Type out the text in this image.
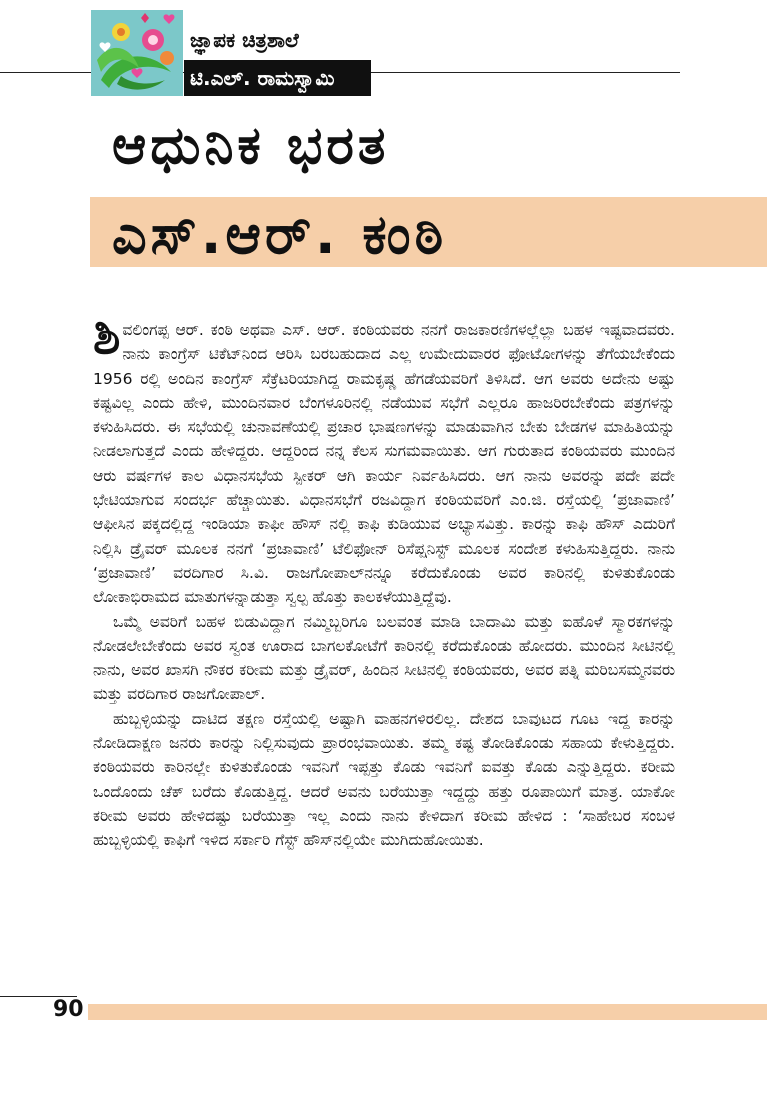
ಜ್ಞಾಪಕ ಚಿತ್ರಶಾಲೆ
ಟಿ.ಎಲ್. ರಾಮಸ್ವಾಮಿ
ಆಧುನಿಕ ಭರತ
ಎಸ್.ಆರ್. ಕಂಠಿ

ಶಿವಲಿಂಗಪ್ಪ ಆರ್. ಕಂಠಿ ಅಥವಾ ಎಸ್. ಆರ್. ಕಂಠಿಯವರು ನನಗೆ ರಾಜಕಾರಣಿಗಳಲ್ಲೆಲ್ಲಾ ಬಹಳ ಇಷ್ಟವಾದವರು. ನಾನು ಕಾಂಗ್ರೆಸ್ ಟಿಕೆಟ್‌ನಿಂದ ಆರಿಸಿ ಬರಬಹುದಾದ ಎಲ್ಲ ಉಮೇದುವಾರರ ಫೋಟೋಗಳನ್ನು ತೆಗೆಯಬೇಕೆಂದು 1956 ರಲ್ಲಿ ಅಂದಿನ ಕಾಂಗ್ರೆಸ್ ಸೆಕ್ರೆಟರಿಯಾಗಿದ್ದ ರಾಮಕೃಷ್ಣ ಹೆಗಡೆಯವರಿಗೆ ತಿಳಿಸಿದೆ. ಆಗ ಅವರು ಅದೇನು ಅಷ್ಟು ಕಷ್ಟವಿಲ್ಲ ಎಂದು ಹೇಳಿ, ಮುಂದಿನವಾರ ಬೆಂಗಳೂರಿನಲ್ಲಿ ನಡೆಯುವ ಸಭೆಗೆ ಎಲ್ಲರೂ ಹಾಜರಿರಬೇಕೆಂದು ಪತ್ರಗಳನ್ನು ಕಳುಹಿಸಿದರು. ಈ ಸಭೆಯಲ್ಲಿ ಚುನಾವಣೆಯಲ್ಲಿ ಪ್ರಚಾರ ಭಾಷಣಗಳನ್ನು ಮಾಡುವಾಗಿನ ಬೇಕು ಬೇಡಗಳ ಮಾಹಿತಿಯನ್ನು ನೀಡಲಾಗುತ್ತದೆ ಎಂದು ಹೇಳಿದ್ದರು. ಆದ್ದರಿಂದ ನನ್ನ ಕೆಲಸ ಸುಗಮವಾಯಿತು. ಆಗ ಗುರುತಾದ ಕಂಠಿಯವರು ಮುಂದಿನ ಆರು ವರ್ಷಗಳ ಕಾಲ ವಿಧಾನಸಭೆಯ ಸ್ಪೀಕರ್ ಆಗಿ ಕಾರ್ಯ ನಿರ್ವಹಿಸಿದರು. ಆಗ ನಾನು ಅವರನ್ನು ಪದೇ ಪದೇ ಭೇಟಿಯಾಗುವ ಸಂದರ್ಭ ಹೆಚ್ಚಾಯಿತು. ವಿಧಾನಸಭೆಗೆ ರಜವಿದ್ದಾಗ ಕಂಠಿಯವರಿಗೆ ಎಂ.ಜಿ. ರಸ್ತೆಯಲ್ಲಿ ‘ಪ್ರಜಾವಾಣಿ’ ಆಫೀಸಿನ ಪಕ್ಕದಲ್ಲಿದ್ದ ಇಂಡಿಯಾ ಕಾಫೀ ಹೌಸ್ ನಲ್ಲಿ ಕಾಫಿ ಕುಡಿಯುವ ಅಭ್ಯಾಸವಿತ್ತು. ಕಾರನ್ನು ಕಾಫಿ ಹೌಸ್ ಎದುರಿಗೆ ನಿಲ್ಲಿಸಿ ಡ್ರೈವರ್ ಮೂಲಕ ನನಗೆ ‘ಪ್ರಜಾವಾಣಿ’ ಟೆಲಿಫೋನ್ ರಿಸೆಪ್ಷನಿಸ್ಟ್ ಮೂಲಕ ಸಂದೇಶ ಕಳುಹಿಸುತ್ತಿದ್ದರು. ನಾನು ‘ಪ್ರಜಾವಾಣಿ’ ವರದಿಗಾರ ಸಿ.ವಿ. ರಾಜಗೋಪಾಲ್‌ನನ್ನೂ ಕರೆದುಕೊಂಡು ಅವರ ಕಾರಿನಲ್ಲಿ ಕುಳಿತುಕೊಂಡು ಲೋಕಾಭಿರಾಮದ ಮಾತುಗಳನ್ನಾಡುತ್ತಾ ಸ್ವಲ್ಪ ಹೊತ್ತು ಕಾಲಕಳೆಯುತ್ತಿದ್ದೆವು.

ಒಮ್ಮೆ ಅವರಿಗೆ ಬಹಳ ಬಿಡುವಿದ್ದಾಗ ನಮ್ಮಿಬ್ಬರಿಗೂ ಬಲವಂತ ಮಾಡಿ ಬಾದಾಮಿ ಮತ್ತು ಐಹೊಳೆ ಸ್ಮಾರಕಗಳನ್ನು ನೋಡಲೇಬೇಕೆಂದು ಅವರ ಸ್ವಂತ ಊರಾದ ಬಾಗಲಕೋಟೆಗೆ ಕಾರಿನಲ್ಲಿ ಕರೆದುಕೊಂಡು ಹೋದರು. ಮುಂದಿನ ಸೀಟಿನಲ್ಲಿ ನಾನು, ಅವರ ಖಾಸಗಿ ನೌಕರ ಕರೀಮ ಮತ್ತು ಡ್ರೈವರ್, ಹಿಂದಿನ ಸೀಟಿನಲ್ಲಿ ಕಂಠಿಯವರು, ಅವರ ಪತ್ನಿ ಮರಿಬಸಮ್ಮನವರು ಮತ್ತು ವರದಿಗಾರ ರಾಜಗೋಪಾಲ್.

ಹುಬ್ಬಳ್ಳಿಯನ್ನು ದಾಟಿದ ತಕ್ಷಣ ರಸ್ತೆಯಲ್ಲಿ ಅಷ್ಟಾಗಿ ವಾಹನಗಳಿರಲಿಲ್ಲ. ದೇಶದ ಬಾವುಟದ ಗೂಟ ಇದ್ದ ಕಾರನ್ನು ನೋಡಿದಾಕ್ಷಣ ಜನರು ಕಾರನ್ನು ನಿಲ್ಲಿಸುವುದು ಪ್ರಾರಂಭವಾಯಿತು. ತಮ್ಮ ಕಷ್ಟ ತೋಡಿಕೊಂಡು ಸಹಾಯ ಕೇಳುತ್ತಿದ್ದರು. ಕಂಠಿಯವರು ಕಾರಿನಲ್ಲೇ ಕುಳಿತುಕೊಂಡು ಇವನಿಗೆ ಇಪ್ಪತ್ತು ಕೊಡು ಇವನಿಗೆ ಐವತ್ತು ಕೊಡು ಎನ್ನುತ್ತಿದ್ದರು. ಕರೀಮ ಒಂದೊಂದು ಚೆಕ್ ಬರೆದು ಕೊಡುತ್ತಿದ್ದ. ಆದರೆ ಅವನು ಬರೆಯುತ್ತಾ ಇದ್ದದ್ದು ಹತ್ತು ರೂಪಾಯಿಗೆ ಮಾತ್ರ. ಯಾಕೋ ಕರೀಮ ಅವರು ಹೇಳಿದಷ್ಟು ಬರೆಯುತ್ತಾ ಇಲ್ಲ ಎಂದು ನಾನು ಕೇಳಿದಾಗ ಕರೀಮ ಹೇಳಿದ : ‘ಸಾಹೇಬರ ಸಂಬಳ ಹುಬ್ಬಳ್ಳಿಯಲ್ಲಿ ಕಾಫಿಗೆ ಇಳಿದ ಸರ್ಕಾರಿ ಗೆಸ್ಟ್ ಹೌಸ್‌ನಲ್ಲಿಯೇ ಮುಗಿದುಹೋಯಿತು.

90
